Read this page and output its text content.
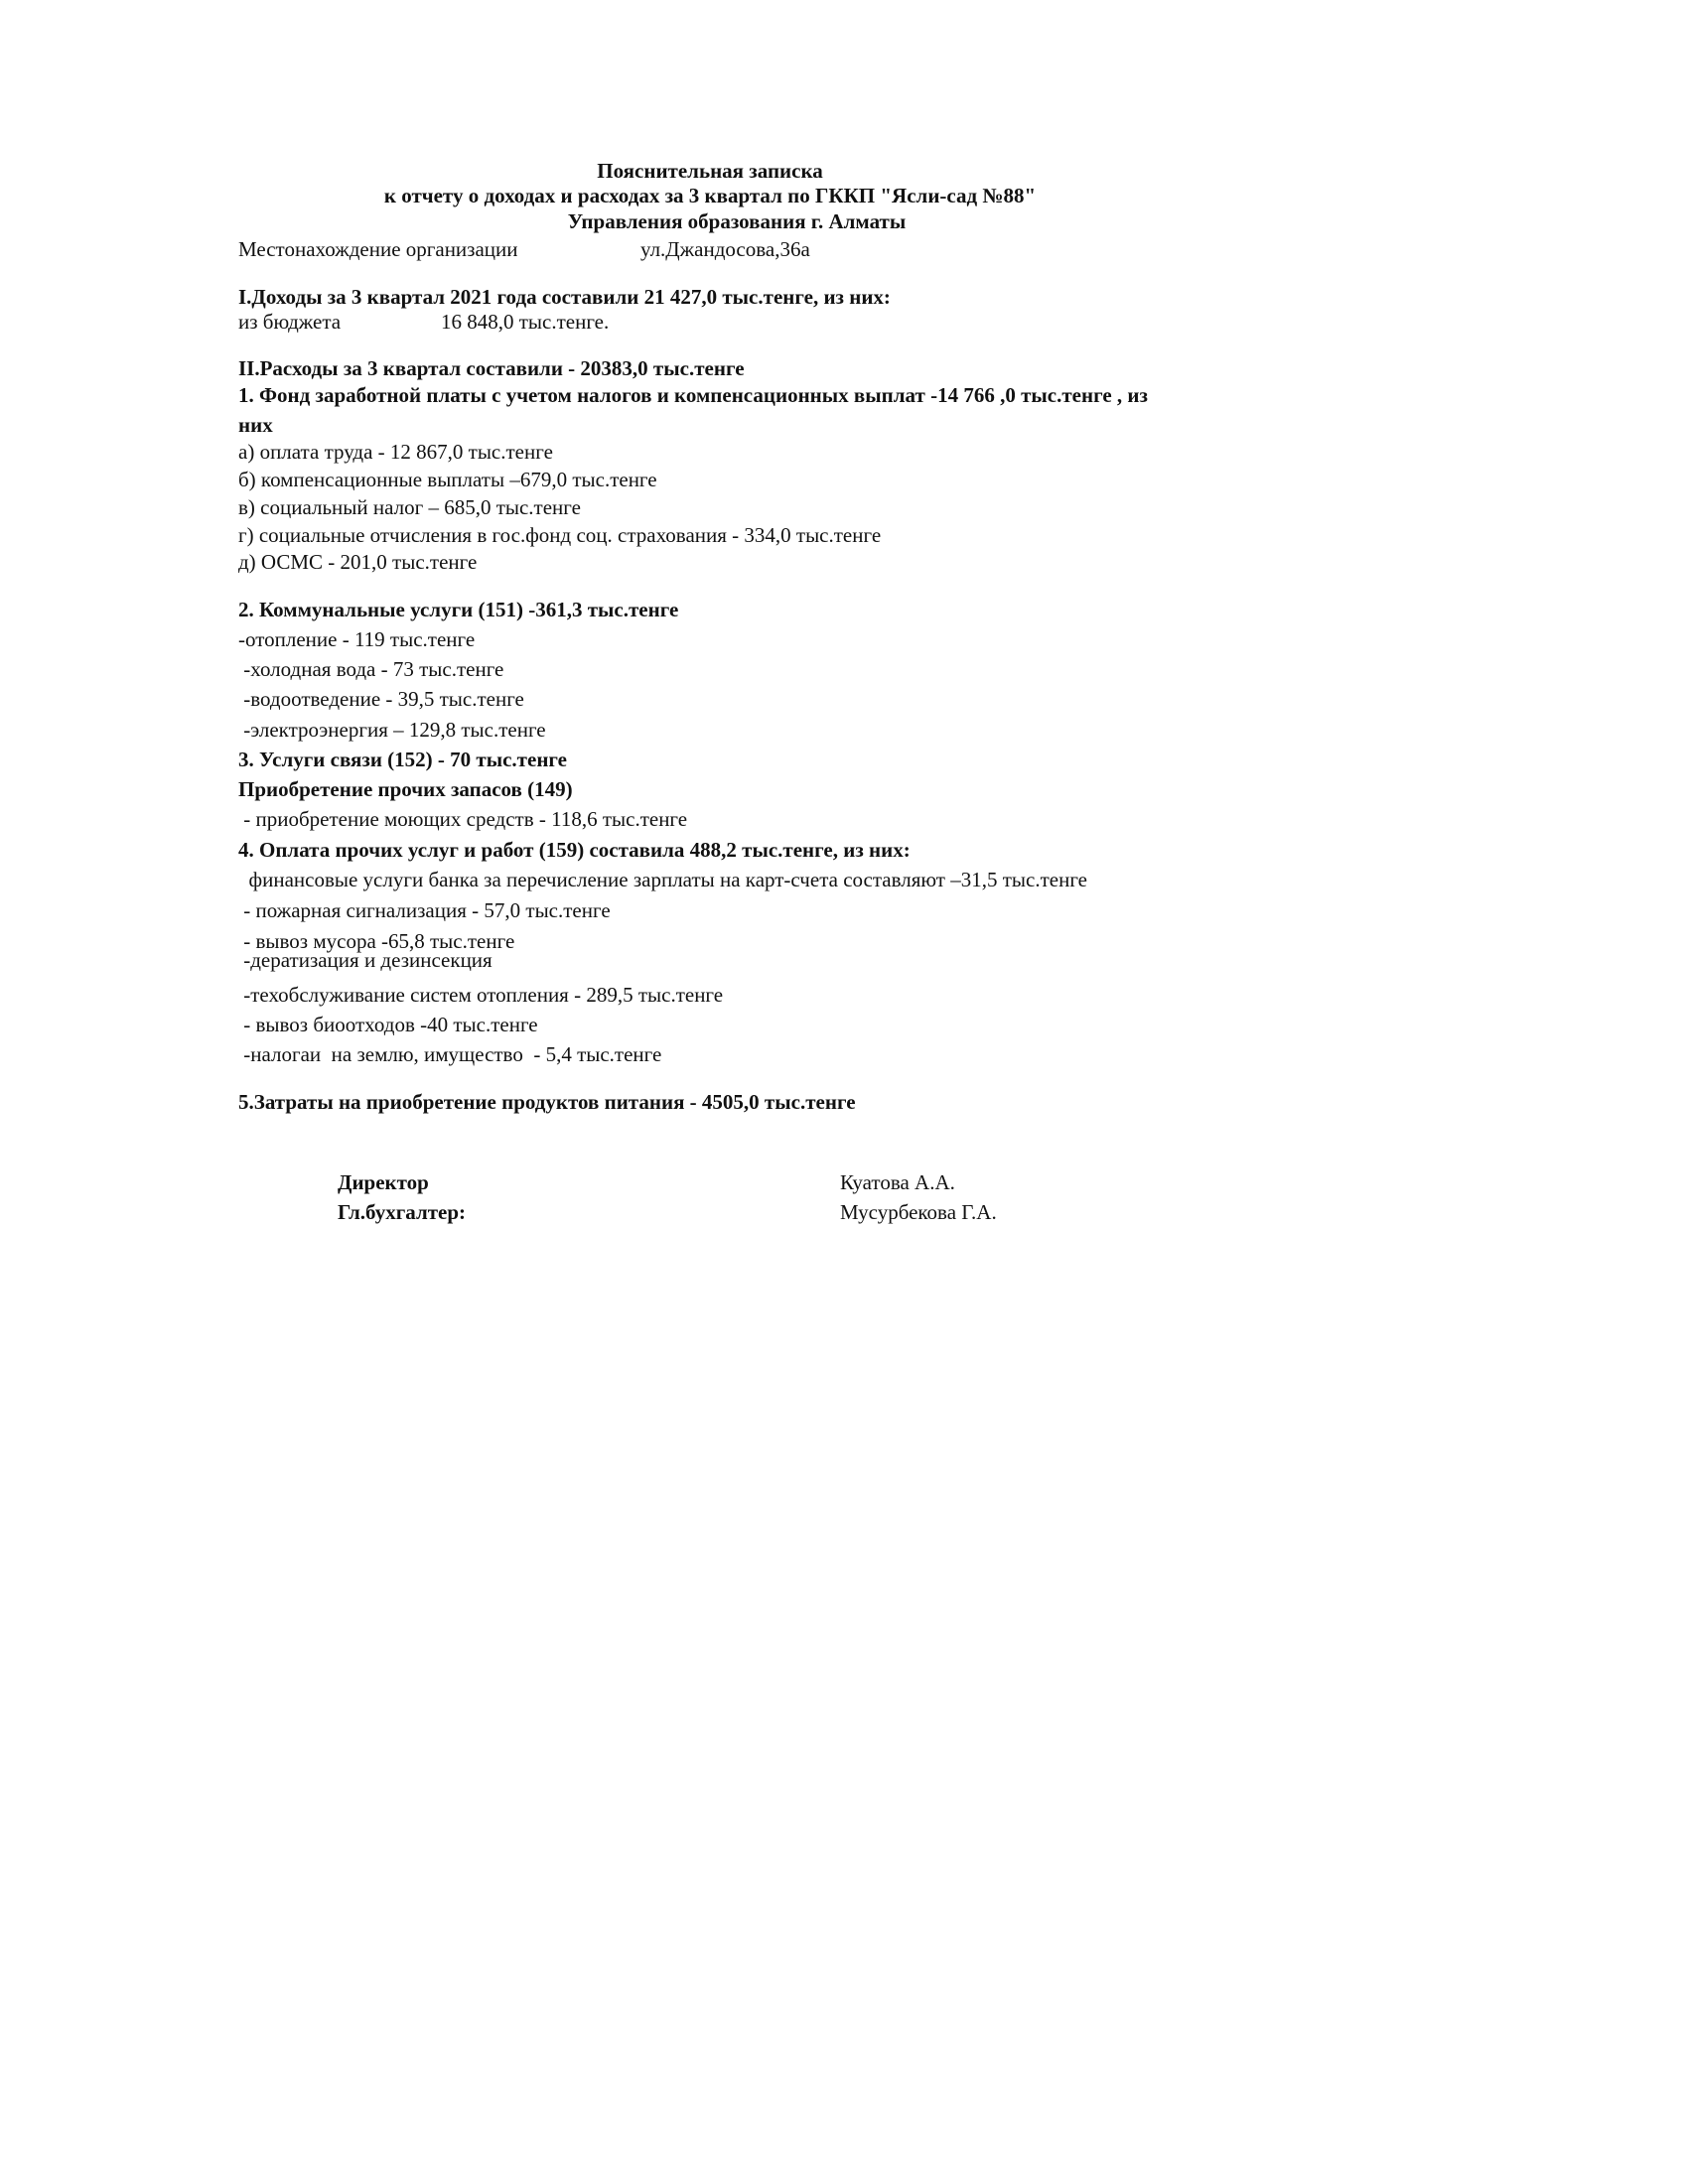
Пояснительная записка
к отчету о доходах и расходах за 3 квартал по ГККП "Ясли-сад №88"
Управления образования г. Алматы
Местонахождение организации	ул.Джандосова,36а
I.Доходы за 3 квартал 2021 года составили 21 427,0 тыс.тенге, из них:
из бюджета	16 848,0 тыс.тенге.
II.Расходы за 3 квартал составили - 20383,0 тыс.тенге
1. Фонд заработной платы с учетом налогов и компенсационных выплат -14 766 ,0 тыс.тенге , из
них
а) оплата труда - 12 867,0 тыс.тенге
б) компенсационные выплаты –679,0 тыс.тенге
в) социальный налог – 685,0 тыс.тенге
г) социальные отчисления в гос.фонд соц. страхования - 334,0 тыс.тенге
д) ОСМС - 201,0 тыс.тенге
2. Коммунальные услуги (151) -361,3 тыс.тенге
-отопление - 119 тыс.тенге
-холодная вода - 73 тыс.тенге
-водоотведение - 39,5 тыс.тенге
-электроэнергия – 129,8 тыс.тенге
3. Услуги связи (152) - 70 тыс.тенге
Приобретение прочих запасов (149)
- приобретение моющих средств - 118,6 тыс.тенге
4. Оплата прочих услуг и работ (159) составила 488,2 тыс.тенге, из них:
финансовые услуги банка за перечисление зарплаты на карт-счета составляют –31,5 тыс.тенге
- пожарная сигнализация - 57,0 тыс.тенге
- вывоз мусора -65,8 тыс.тенге
-дератизация и дезинсекция
-техобслуживание систем отопления - 289,5 тыс.тенге
- вывоз биоотходов -40 тыс.тенге
-налогаи  на землю, имущество  - 5,4 тыс.тенге
5.Затраты на приобретение продуктов питания - 4505,0 тыс.тенге
Директор	Куатова А.А.
Гл.бухгалтер:	Мусурбекова Г.А.
